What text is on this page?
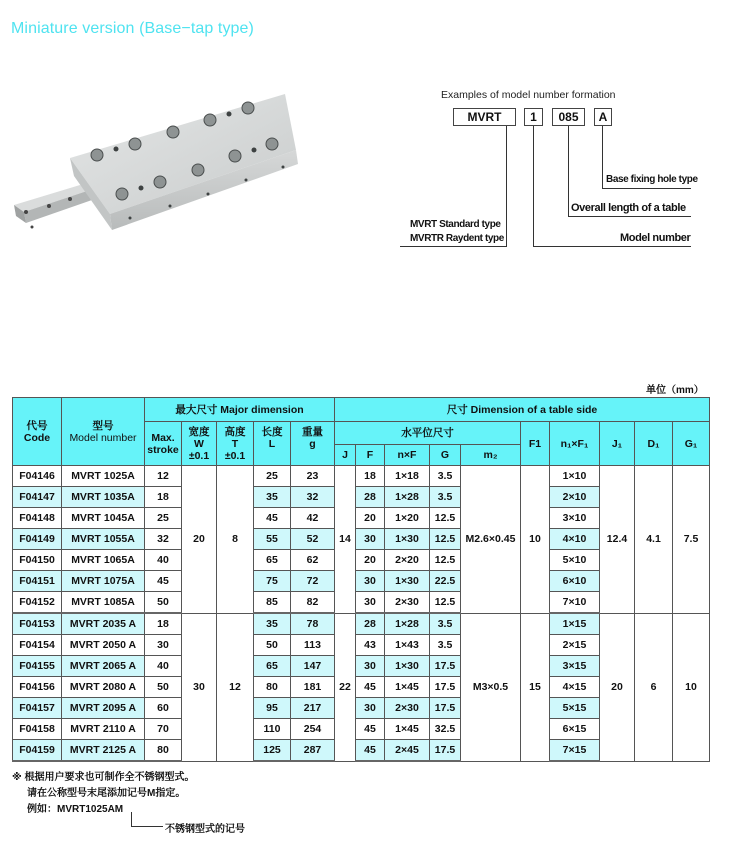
Miniature version (Base−tap type)
Examples of model number formation
MVRT	1	085	A
Base fixing hole type
Overall length of a table
Model number
MVRT Standard type
MVRTR Raydent type
单位（mm）
代号
Code	型号
Model number	最大尺寸 Major dimension					尺寸 Dimension of a table side									

		Max.
stroke	宽度
W
±0.1	高度
T
±0.1	长度
L	重量
g	水平位尺寸					F1	n₁×F₁	J₁	D₁	G₁
							J	F	n×F	G	m₂					
F04146	MVRT 1025A	12	20	8	25	23	14	18	1×18	3.5	M2.6×0.45	10	1×10	12.4	4.1	7.5
F04147	MVRT 1035A	18			35	32		28	1×28	3.5			2×10			
F04148	MVRT 1045A	25			45	42		20	1×20	12.5			3×10			
F04149	MVRT 1055A	32			55	52		30	1×30	12.5			4×10			
F04150	MVRT 1065A	40			65	62		20	2×20	12.5			5×10			
F04151	MVRT 1075A	45			75	72		30	1×30	22.5			6×10			
F04152	MVRT 1085A	50			85	82		30	2×30	12.5			7×10			
F04153	MVRT 2035 A	18	30	12	35	78	22	28	1×28	3.5	M3×0.5	15	1×15	20	6	10
F04154	MVRT 2050 A	30			50	113		43	1×43	3.5			2×15			
F04155	MVRT 2065 A	40			65	147		30	1×30	17.5			3×15			
F04156	MVRT 2080 A	50			80	181		45	1×45	17.5			4×15			
F04157	MVRT 2095 A	60			95	217		30	2×30	17.5			5×15			
F04158	MVRT 2110 A	70			110	254		45	1×45	32.5			6×15			
F04159	MVRT 2125 A	80			125	287		45	2×45	17.5			7×15			
※ 根据用户要求也可制作全不锈钢型式。
请在公称型号末尾添加记号M指定。
例如：MVRT1025AM
不锈钢型式的记号
